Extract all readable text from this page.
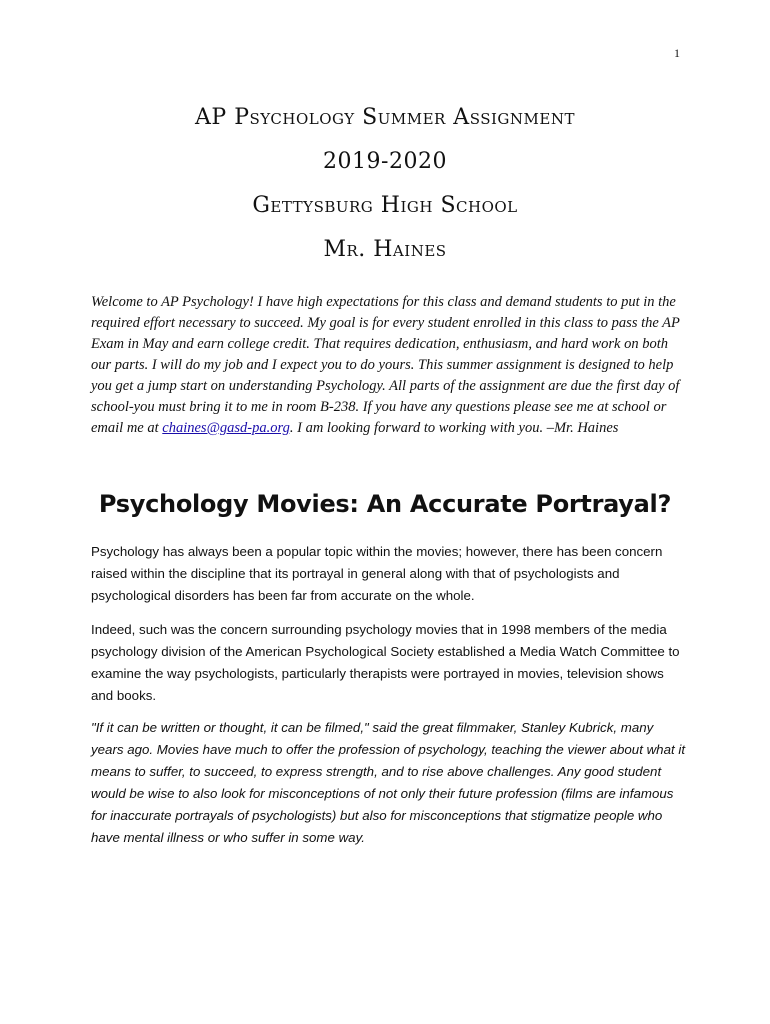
1
AP Psychology Summer Assignment
2019-2020
Gettysburg High School
Mr. Haines

Welcome to AP Psychology! I have high expectations for this class and demand students to put in the required effort necessary to succeed. My goal is for every student enrolled in this class to pass the AP Exam in May and earn college credit. That requires dedication, enthusiasm, and hard work on both our parts. I will do my job and I expect you to do yours. This summer assignment is designed to help you get a jump start on understanding Psychology. All parts of the assignment are due the first day of school-you must bring it to me in room B-238. If you have any questions please see me at school or email me at chaines@gasd-pa.org. I am looking forward to working with you. –Mr. Haines

Psychology Movies: An Accurate Portrayal?

Psychology has always been a popular topic within the movies; however, there has been concern raised within the discipline that its portrayal in general along with that of psychologists and psychological disorders has been far from accurate on the whole.

Indeed, such was the concern surrounding psychology movies that in 1998 members of the media psychology division of the American Psychological Society established a Media Watch Committee to examine the way psychologists, particularly therapists were portrayed in movies, television shows and books.

"If it can be written or thought, it can be filmed," said the great filmmaker, Stanley Kubrick, many years ago. Movies have much to offer the profession of psychology, teaching the viewer about what it means to suffer, to succeed, to express strength, and to rise above challenges. Any good student would be wise to also look for misconceptions of not only their future profession (films are infamous for inaccurate portrayals of psychologists) but also for misconceptions that stigmatize people who have mental illness or who suffer in some way.
